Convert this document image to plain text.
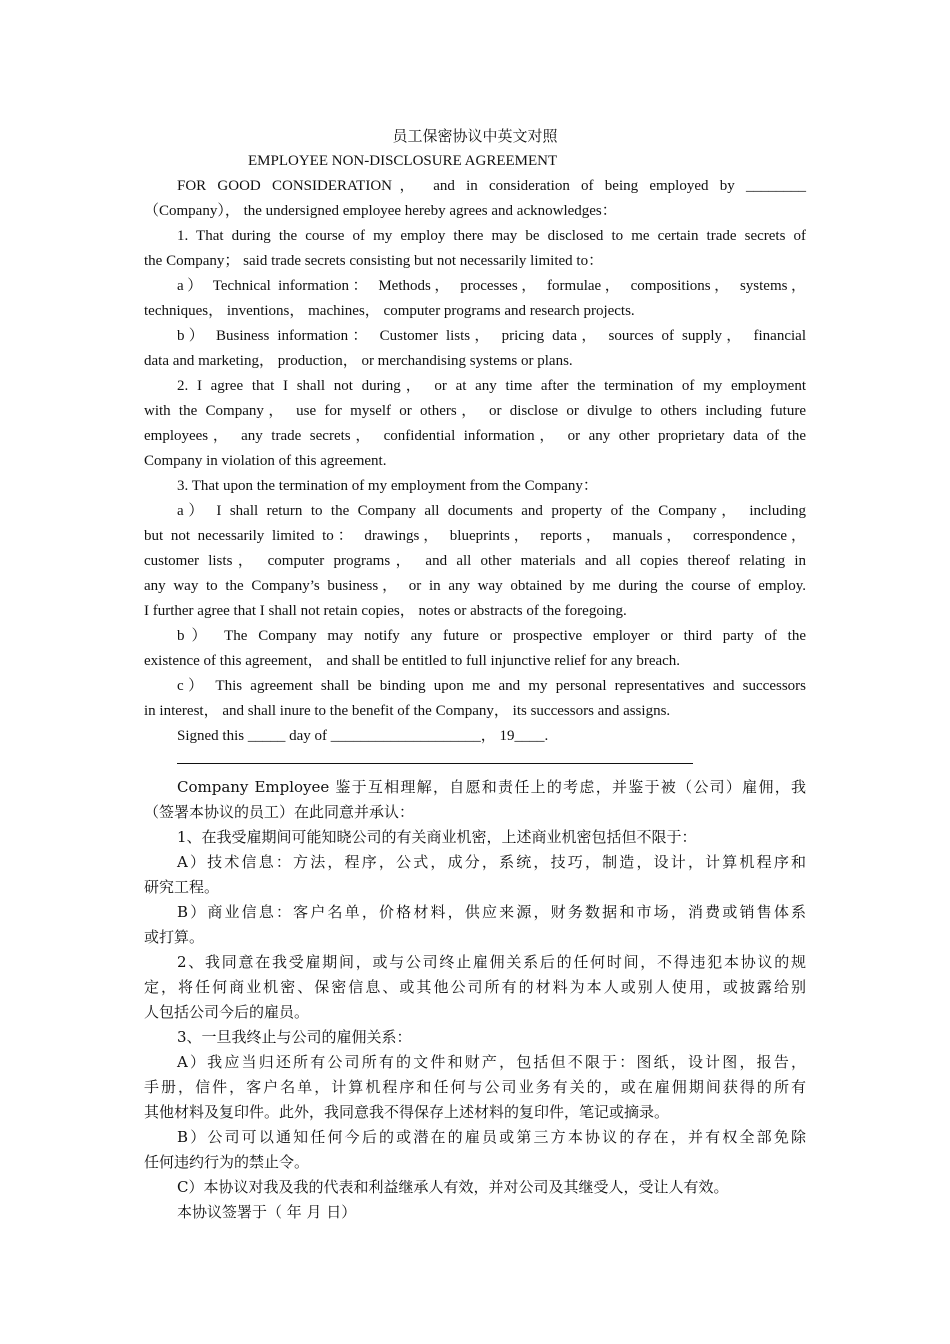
员工保密协议中英文对照
EMPLOYEE NON-DISCLOSURE AGREEMENT
FOR GOOD CONSIDERATION， and in consideration of being employed by ________
（Company）， the undersigned employee hereby agrees and acknowledges：
1. That during the course of my employ there may be disclosed to me certain trade secrets of
the Company； said trade secrets consisting but not necessarily limited to：
a） Technical information： Methods， processes， formulae， compositions， systems，
techniques， inventions， machines， computer programs and research projects.
b） Business information： Customer lists， pricing data， sources of supply， financial
data and marketing， production， or merchandising systems or plans.
2. I agree that I shall not during， or at any time after the termination of my employment
with the Company， use for myself or others， or disclose or divulge to others including future
employees， any trade secrets， confidential information， or any other proprietary data of the
Company in violation of this agreement.
3. That upon the termination of my employment from the Company：
a） I shall return to the Company all documents and property of the Company， including
but not necessarily limited to： drawings， blueprints， reports， manuals， correspondence，
customer lists， computer programs， and all other materials and all copies thereof relating in
any way to the Company’s business， or in any way obtained by me during the course of employ.
I further agree that I shall not retain copies， notes or abstracts of the foregoing.
b） The Company may notify any future or prospective employer or third party of the
existence of this agreement， and shall be entitled to full injunctive relief for any breach.
c） This agreement shall be binding upon me and my personal representatives and successors
in interest， and shall inure to the benefit of the Company， its successors and assigns.
Signed this _____ day of ____________________， 19____.
Company Employee 鉴于互相理解，自愿和责任上的考虑，并鉴于被（公司）雇佣，我
（签署本协议的员工）在此同意并承认：
1、在我受雇期间可能知晓公司的有关商业机密，上述商业机密包括但不限于：
A）技术信息：方法，程序，公式，成分，系统，技巧，制造，设计，计算机程序和
研究工程。
B）商业信息：客户名单，价格材料，供应来源，财务数据和市场，消费或销售体系
或打算。
2、我同意在我受雇期间，或与公司终止雇佣关系后的任何时间，不得违犯本协议的规
定，将任何商业机密、保密信息、或其他公司所有的材料为本人或别人使用，或披露给别
人包括公司今后的雇员。
3、一旦我终止与公司的雇佣关系：
A）我应当归还所有公司所有的文件和财产，包括但不限于：图纸，设计图，报告，
手册，信件，客户名单，计算机程序和任何与公司业务有关的，或在雇佣期间获得的所有
其他材料及复印件。此外，我同意我不得保存上述材料的复印件，笔记或摘录。
B）公司可以通知任何今后的或潜在的雇员或第三方本协议的存在，并有权全部免除
任何违约行为的禁止令。
C）本协议对我及我的代表和利益继承人有效，并对公司及其继受人，受让人有效。
本协议签署于（ 年 月 日）
